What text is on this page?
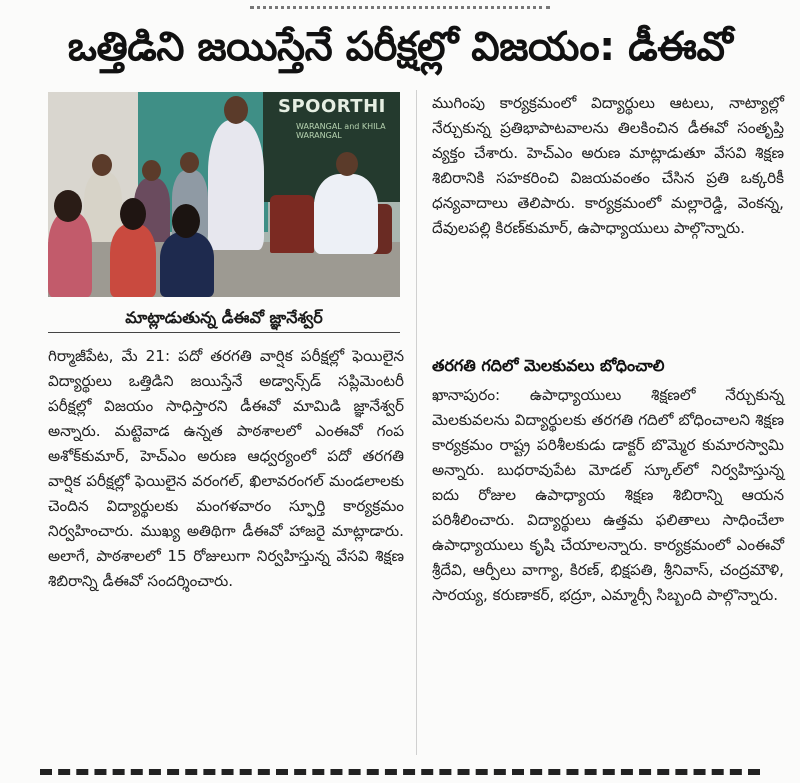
ఒత్తిడిని జయిస్తేనే పరీక్షల్లో విజయం: డీఈవో
SPOORTHI
WARANGAL and KHILA WARANGAL
మాట్లాడుతున్న డీఈవో జ్ఞానేశ్వర్

గిర్మాజీపేట, మే 21: పదో తరగతి వార్షిక పరీక్షల్లో ఫెయిలైన విద్యార్థులు ఒత్తిడిని జయిస్తేనే అడ్వాన్స్‌డ్ సప్లిమెంటరీ పరీక్షల్లో విజయం సాధిస్తారని డీఈవో మామిడి జ్ఞానేశ్వర్ అన్నారు. మట్టెవాడ ఉన్నత పాఠశాలలో ఎంఈవో గంప అశోక్‌కుమార్, హెచ్‌ఎం అరుణ ఆధ్వర్యంలో పదో తరగతి వార్షిక పరీక్షల్లో ఫెయిలైన వరంగల్, ఖిలావరంగల్ మండలాలకు చెందిన విద్యార్థులకు మంగళవారం స్ఫూర్తి కార్యక్రమం నిర్వహించారు. ముఖ్య అతిథిగా డీఈవో హాజరై మాట్లాడారు. అలాగే, పాఠశాలలో 15 రోజులుగా నిర్వహిస్తున్న వేసవి శిక్షణ శిబిరాన్ని డీఈవో సందర్శించారు.

ముగింపు కార్యక్రమంలో విద్యార్థులు ఆటలు, నాట్యాల్లో నేర్చుకున్న ప్రతిభాపాటవాలను తిలకించిన డీఈవో సంతృప్తి వ్యక్తం చేశారు. హెచ్‌ఎం అరుణ మాట్లాడుతూ వేసవి శిక్షణ శిబిరానికి సహకరించి విజయవంతం చేసిన ప్రతి ఒక్కరికీ ధన్యవాదాలు తెలిపారు. కార్యక్రమంలో మల్లారెడ్డి, వెంకన్న, దేవులపల్లి కిరణ్‌కుమార్, ఉపాధ్యాయులు పాల్గొన్నారు.

తరగతి గదిలో మెలకువలు బోధించాలి

ఖానాపురం: ఉపాధ్యాయులు శిక్షణలో నేర్చుకున్న మెలకువలను విద్యార్థులకు తరగతి గదిలో బోధించాలని శిక్షణ కార్యక్రమం రాష్ట్ర పరిశీలకుడు డాక్టర్ బొమ్మెర కుమారస్వామి అన్నారు. బుధరావుపేట మోడల్ స్కూల్‌లో నిర్వహిస్తున్న ఐదు రోజుల ఉపాధ్యాయ శిక్షణ శిబిరాన్ని ఆయన పరిశీలించారు. విద్యార్థులు ఉత్తమ ఫలితాలు సాధించేలా ఉపాధ్యాయులు కృషి చేయాలన్నారు. కార్యక్రమంలో ఎంఈవో శ్రీదేవి, ఆర్పీలు వాగ్యా, కిరణ్, భిక్షపతి, శ్రీనివాస్, చంద్రమౌళి, సారయ్య, కరుణాకర్, భద్రూ, ఎమ్మార్సీ సిబ్బంది పాల్గొన్నారు.
